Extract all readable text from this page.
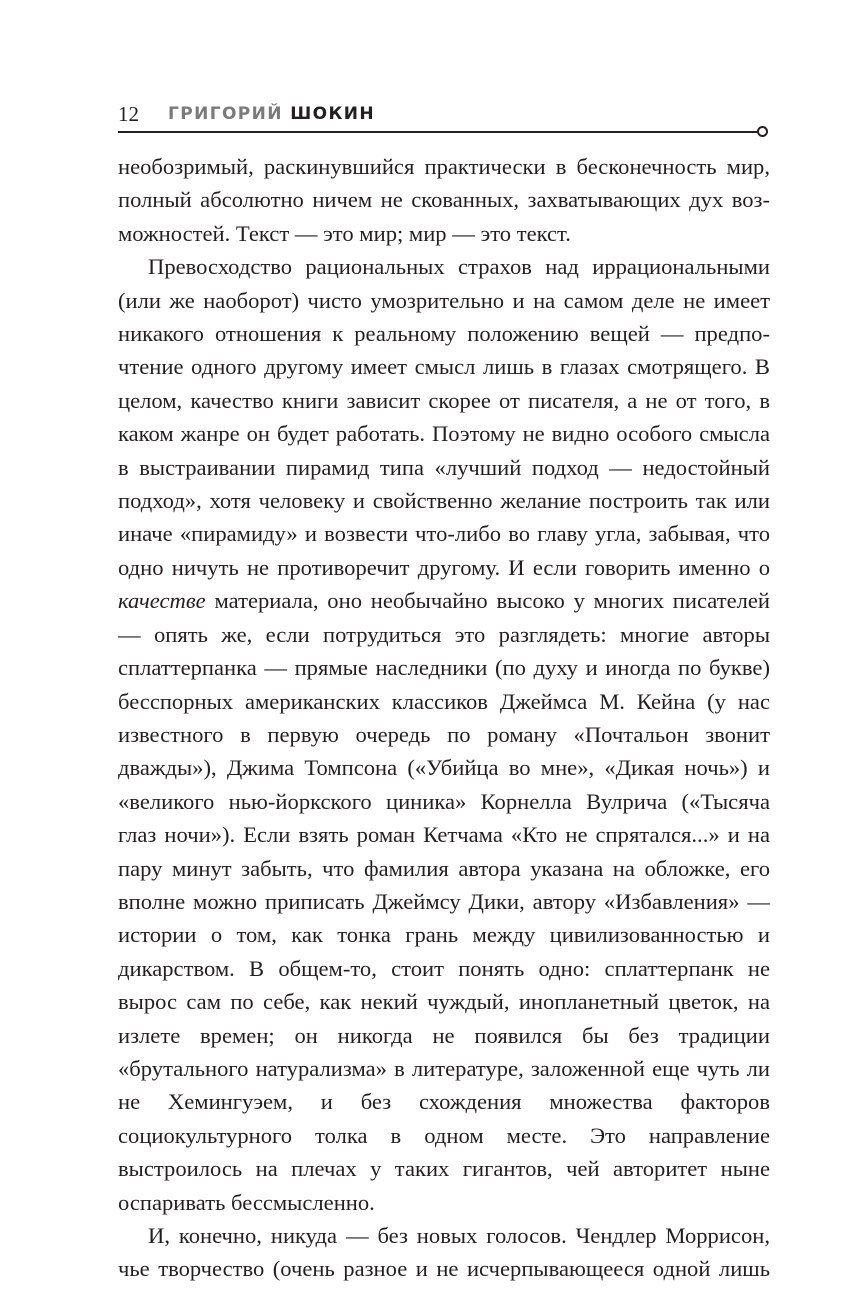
12 ГРИГОРИЙ ШОКИН

необозримый, раскинувшийся практически в бесконечность мир, полный абсолютно ничем не скованных, захватывающих дух возможностей. Текст — это мир; мир — это текст.

Превосходство рациональных страхов над иррациональными (или же наоборот) чисто умозрительно и на самом деле не имеет никакого отношения к реальному положению вещей — предпочтение одного другому имеет смысл лишь в глазах смотрящего. В целом, качество книги зависит скорее от писателя, а не от того, в каком жанре он будет работать. Поэтому не видно особого смысла в выстраивании пирамид типа «лучший подход — недостойный подход», хотя человеку и свойственно желание построить так или иначе «пирамиду» и возвести что-либо во главу угла, забывая, что одно ничуть не противоречит другому. И если говорить именно о качестве материала, оно необычайно высоко у многих писателей — опять же, если потрудиться это разглядеть: многие авторы сплаттерпанка — прямые наследники (по духу и иногда по букве) бесспорных американских классиков Джеймса М. Кейна (у нас известного в первую очередь по роману «Почтальон звонит дважды»), Джима Томпсона («Убийца во мне», «Дикая ночь») и «великого нью-йоркского циника» Корнелла Вулрича («Тысяча глаз ночи»). Если взять роман Кетчама «Кто не спрятался...» и на пару минут забыть, что фамилия автора указана на обложке, его вполне можно приписать Джеймсу Дики, автору «Избавления» — истории о том, как тонка грань между цивилизованностью и дикарством. В общем-то, стоит понять одно: сплаттерпанк не вырос сам по себе, как некий чуждый, инопланетный цветок, на излете времен; он никогда не появился бы без традиции «брутального натурализма» в литературе, заложенной еще чуть ли не Хемингуэем, и без схождения множества факторов социокультурного толка в одном месте. Это направление выстроилось на плечах у таких гигантов, чей авторитет ныне оспаривать бессмысленно.

И, конечно, никуда — без новых голосов. Чендлер Моррисон, чье творчество (очень разное и не исчерпывающееся одной лишь
